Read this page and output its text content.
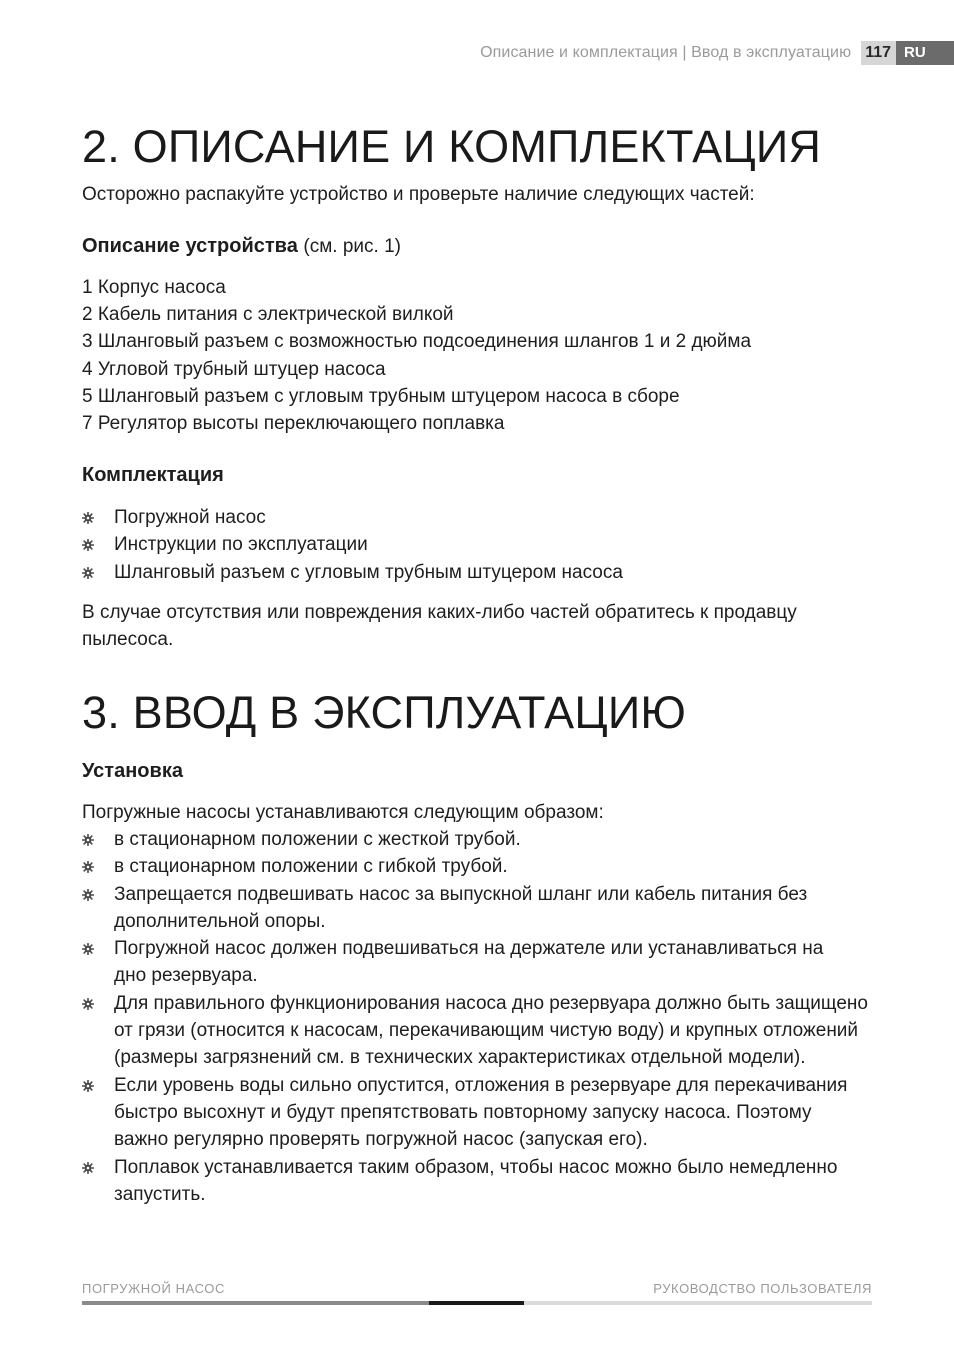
Описание и комплектация | Ввод в эксплуатацию 117 RU
2. ОПИСАНИЕ И КОМПЛЕКТАЦИЯ
Осторожно распакуйте устройство и проверьте наличие следующих частей:
Описание устройства (см. рис. 1)
1 Корпус насоса
2 Кабель питания с электрической вилкой
3 Шланговый разъем с возможностью подсоединения шлангов 1 и 2 дюйма
4 Угловой трубный штуцер насоса
5 Шланговый разъем с угловым трубным штуцером насоса в сборе
7 Регулятор высоты переключающего поплавка
Комплектация
Погружной насос
Инструкции по эксплуатации
Шланговый разъем с угловым трубным штуцером насоса
В случае отсутствия или повреждения каких-либо частей обратитесь к продавцу
пылесоса.
3. ВВОД В ЭКСПЛУАТАЦИЮ
Установка
Погружные насосы устанавливаются следующим образом:
в стационарном положении с жесткой трубой.
в стационарном положении с гибкой трубой.
Запрещается подвешивать насос за выпускной шланг или кабель питания без
дополнительной опоры.
Погружной насос должен подвешиваться на держателе или устанавливаться на
дно резервуара.
Для правильного функционирования насоса дно резервуара должно быть защищено
от грязи (относится к насосам, перекачивающим чистую воду) и крупных отложений
(размеры загрязнений см. в технических характеристиках отдельной модели).
Если уровень воды сильно опустится, отложения в резервуаре для перекачивания
быстро высохнут и будут препятствовать повторному запуску насоса. Поэтому
важно регулярно проверять погружной насос (запуская его).
Поплавок устанавливается таким образом, чтобы насос можно было немедленно
запустить.
ПОГРУЖНОЙ НАСОС	РУКОВОДСТВО ПОЛЬЗОВАТЕЛЯ
